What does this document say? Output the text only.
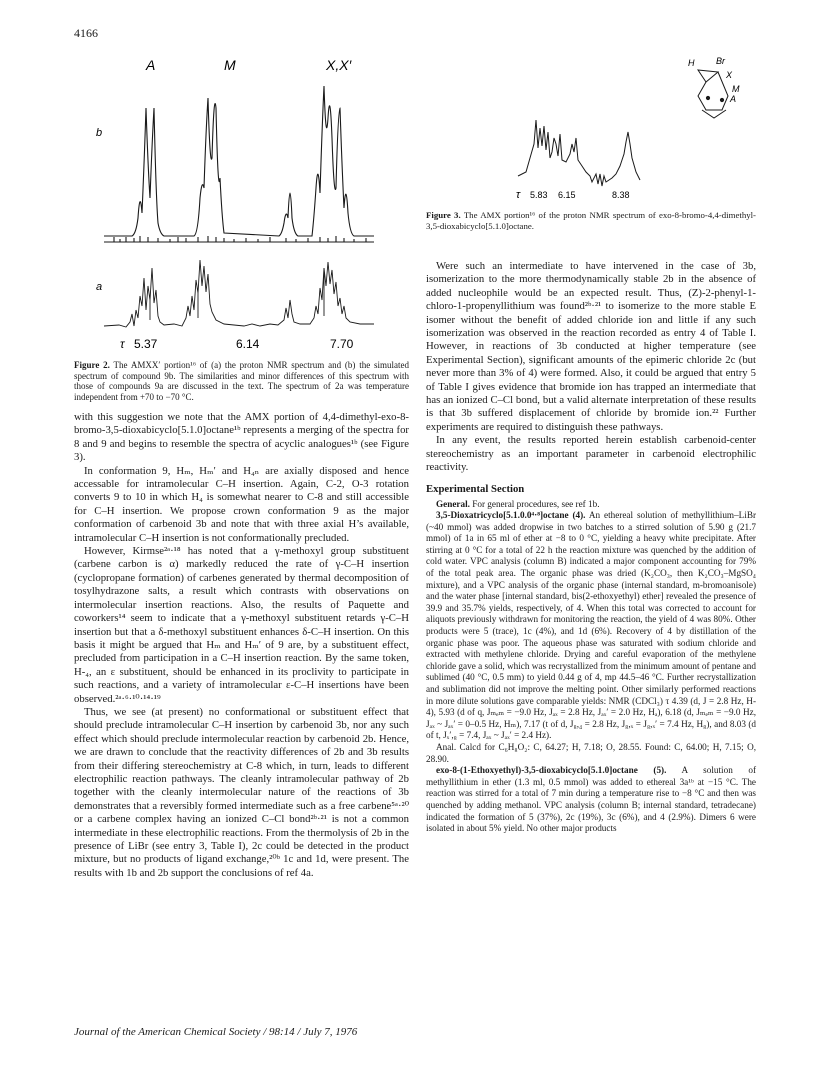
4166
A	M	X,X′
b
a
τ 5.37	6.14	7.70

Figure 2. The AMXX′ portion¹⁶ of (a) the proton NMR spectrum and (b) the simulated spectrum of compound 9b. The similarities and minor differences of this spectrum with those of compounds 9a are discussed in the text. The spectrum of 2a was temperature independent from +70 to −70 °C.

with this suggestion we note that the AMX portion of 4,4-dimethyl-exo-8-bromo-3,5-dioxabicyclo[5.1.0]octane¹ᵇ represents a merging of the spectra for 8 and 9 and begins to resemble the spectra of acyclic analogues¹ᵇ (see Figure 3).

In conformation 9, Hₘ, Hₘ′ and H₄ₙ are axially disposed and hence accessable for intramolecular C–H insertion. Again, C-2, O-3 rotation converts 9 to 10 in which H₄ is somewhat nearer to C-8 and still accessible for C–H insertion. We propose crown conformation 9 as the major conformation of carbenoid 3b and note that with three axial H’s available, intramolecular C–H insertion is not conformationally precluded.

However, Kirmse²ᵃ·¹⁸ has noted that a γ-methoxyl group substituent (carbene carbon is α) markedly reduced the rate of γ-C–H insertion (cyclopropane formation) of carbenes generated by thermal decomposition of tosylhydrazone salts, a result which contrasts with observations on intermolecular insertion reactions. Also, the results of Paquette and coworkers¹⁴ seem to indicate that a γ-methoxyl substituent retards γ-C–H insertion but that a δ-methoxyl substituent enhances δ-C–H insertion. On this basis it might be argued that Hₘ and Hₘ′ of 9 are, by a substituent effect, precluded from participation in a C–H insertion reaction. By the same token, H-₄, an ε substituent, should be enhanced in its proclivity to participate in such reactions, and a variety of intramolecular ε-C–H insertions have been observed.²ᵃ·⁶·¹⁰·¹⁴·¹⁹

Thus, we see (at present) no conformational or substituent effect that should preclude intramolecular C–H insertion by carbenoid 3b, nor any such effect which should preclude intermolecular reaction by carbenoid 2b. Hence, we are drawn to conclude that the reactivity differences of 2b and 3b results from their differing stereochemistry at C-8 which, in turn, leads to different electrophilic reaction pathways. The cleanly intramolecular pathway of 2b together with the cleanly intermolecular nature of the reactions of 3b demonstrates that a reversibly formed intermediate such as a free carbene⁵ᵃ·²⁰ or a carbene complex having an ionized C–Cl bond²ᵇ·²¹ is not a common intermediate in these electrophilic reactions. From the thermolysis of 2b in the presence of LiBr (see entry 3, Table I), 2c could be detected in the product mixture, but no products of ligand exchange,²⁰ᵇ 1c and 1d, were present. The results with 1b and 2b support the conclusions of ref 4a.

H Br
X
M
A
τ 5.83 6.15	8.38

Figure 3. The AMX portion¹⁶ of the proton NMR spectrum of exo-8-bromo-4,4-dimethyl-3,5-dioxabicyclo[5.1.0]octane.

Were such an intermediate to have intervened in the case of 3b, isomerization to the more thermodynamically stable 2b in the absence of added nucleophile would be an expected result. Thus, (Z)-2-phenyl-1-chloro-1-propenyllithium was found²ᵇ·²¹ to isomerize to the more stable E isomer without the benefit of added chloride ion and little if any such isomerization was observed in the reaction recorded as entry 4 of Table I. However, in reactions of 3b conducted at higher temperature (see Experimental Section), significant amounts of the epimeric chloride 2c (but never more than 3% of 4) were formed. Also, it could be argued that entry 5 of Table I gives evidence that bromide ion has trapped an intermediate that has an ionized C–Cl bond, but a valid alternate interpretation of these results is that 3b suffered displacement of chloride by bromide ion.²² Further experiments are required to distinguish these pathways.

In any event, the results reported herein establish carbenoid-center stereochemistry as an important parameter in carbenoid electrophilic reactivity.

Experimental Section

General. For general procedures, see ref 1b.

3,5-Dioxatricyclo[5.1.0.0⁴·⁸]octane (4). An ethereal solution of methyllithium–LiBr (~40 mmol) was added dropwise in two batches to a stirred solution of 5.90 g (21.7 mmol) of 1a in 65 ml of ether at −8 to 0 °C, yielding a heavy white precipitate. After stirring at 0 °C for a total of 22 h the reaction mixture was quenched by the addition of cold water. VPC analysis (column B) indicated a major component accounting for 79% of the total peak area. The organic phase was dried (K₂CO₃, then K₂CO₃–MgSO₄ mixture), and a VPC analysis of the organic phase (internal standard, m-bromoanisole) and the water phase [internal standard, bis(2-ethoxyethyl) ether] revealed the presence of 39.9 and 35.7% yields, respectively, of 4. When this total was corrected to account for aliquots previously withdrawn for monitoring the reaction, the yield of 4 was 80%. Other products were 5 (trace), 1c (4%), and 1d (6%). Recovery of 4 by distillation of the organic phase was poor. The aqueous phase was saturated with sodium chloride and extracted with methylene chloride. Drying and careful evaporation of the methylene chloride gave a solid, which was recrystallized from the minimum amount of pentane and sublimed (40 °C, 0.5 mm) to yield 0.44 g of 4, mp 44.5–46 °C. Further recrystallization and sublimation did not improve the melting point. Other similarly performed reactions in more dilute solutions gave comparable yields: NMR (CDCl₃) τ 4.39 (d, J = 2.8 Hz, H-4), 5.93 (d of q, Jₘₑₘ = −9.0 Hz, Jₐₓ = 2.8 Hz, Jₐₓ′ = 2.0 Hz, Hₐ), 6.18 (d, Jₘₑₘ = −9.0 Hz, Jₐₓ ~ Jₐₓ′ = 0–0.5 Hz, Hₘ), 7.17 (t of d, J₈,₄ = 2.8 Hz, J₈,ₓ = J₈,ₓ′ = 7.4 Hz, H₈), and 8.03 (d of t, Jₓ′,₈ = 7.4, Jₐₓ ~ Jₐₓ′ = 2.4 Hz).

Anal. Calcd for C₆H₈O₂: C, 64.27; H, 7.18; O, 28.55. Found: C, 64.00; H, 7.15; O, 28.90.

exo-8-(1-Ethoxyethyl)-3,5-dioxabicyclo[5.1.0]octane (5). A solution of methyllithium in ether (1.3 ml, 0.5 mmol) was added to ethereal 3a¹ᵇ at −15 °C. The reaction was stirred for a total of 7 min during a temperature rise to −8 °C and then was quenched by adding methanol. VPC analysis (column B; internal standard, tetradecane) indicated the formation of 5 (37%), 2c (19%), 3c (6%), and 4 (2.9%). Dimers 6 were isolated in about 5% yield. No other major products

Journal of the American Chemical Society / 98:14 / July 7, 1976
